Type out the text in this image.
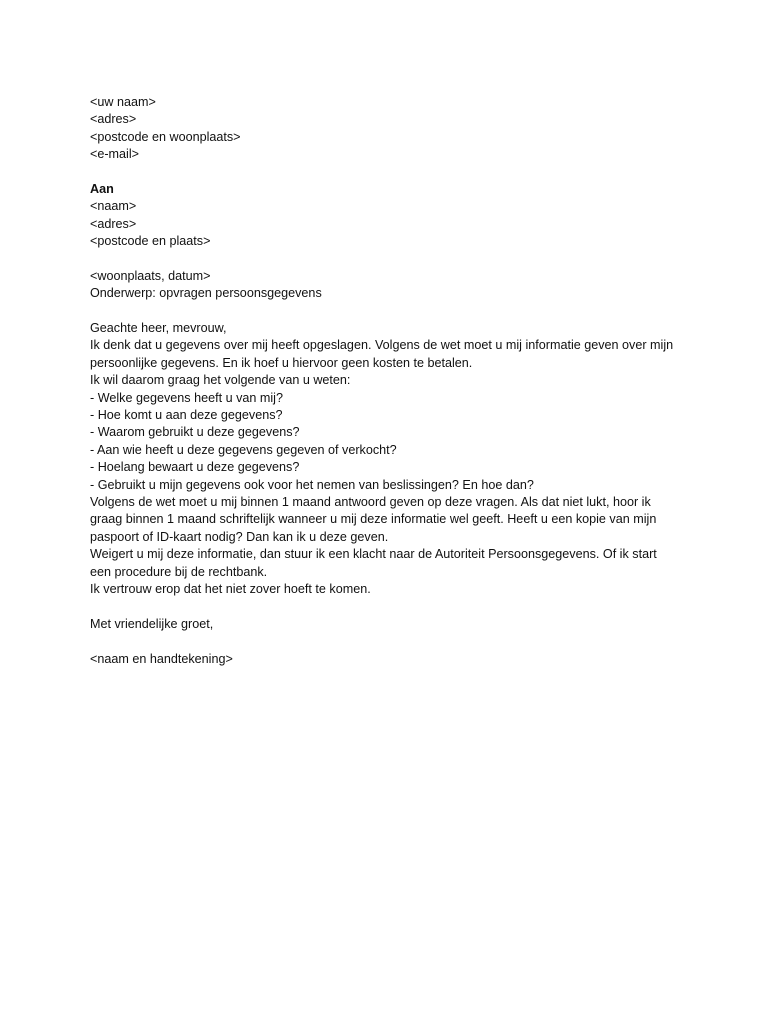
<uw naam>
<adres>
<postcode en woonplaats>
<e-mail>
Aan
<naam>
<adres>
<postcode en plaats>
<woonplaats, datum>
Onderwerp: opvragen persoonsgegevens
Geachte heer, mevrouw,
Ik denk dat u gegevens over mij heeft opgeslagen. Volgens de wet moet u mij informatie geven over mijn
persoonlijke gegevens. En ik hoef u hiervoor geen kosten te betalen.
Ik wil daarom graag het volgende van u weten:
- Welke gegevens heeft u van mij?
- Hoe komt u aan deze gegevens?
- Waarom gebruikt u deze gegevens?
- Aan wie heeft u deze gegevens gegeven of verkocht?
- Hoelang bewaart u deze gegevens?
- Gebruikt u mijn gegevens ook voor het nemen van beslissingen? En hoe dan?
Volgens de wet moet u mij binnen 1 maand antwoord geven op deze vragen. Als dat niet lukt, hoor ik
graag binnen 1 maand schriftelijk wanneer u mij deze informatie wel geeft. Heeft u een kopie van mijn
paspoort of ID-kaart nodig? Dan kan ik u deze geven.
Weigert u mij deze informatie, dan stuur ik een klacht naar de Autoriteit Persoonsgegevens. Of ik start
een procedure bij de rechtbank.
Ik vertrouw erop dat het niet zover hoeft te komen.
Met vriendelijke groet,
<naam en handtekening>
